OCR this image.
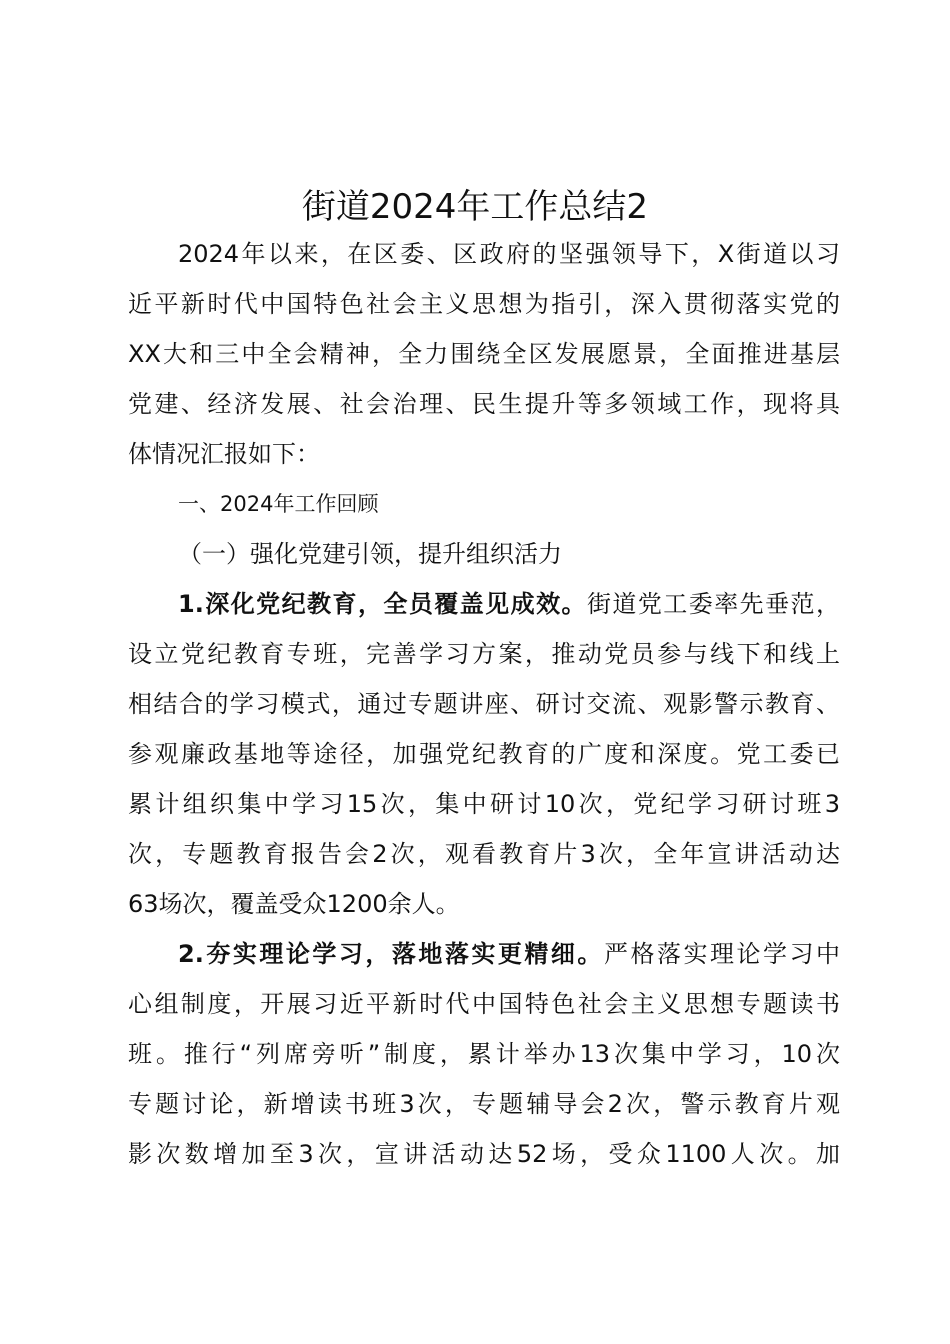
街道2024年工作总结2
2024年以来，在区委、区政府的坚强领导下，X街道以习
近平新时代中国特色社会主义思想为指引，深入贯彻落实党的
XX大和三中全会精神，全力围绕全区发展愿景，全面推进基层
党建、经济发展、社会治理、民生提升等多领域工作，现将具
体情况汇报如下：
一、2024年工作回顾
（一）强化党建引领，提升组织活力
1.深化党纪教育，全员覆盖见成效。街道党工委率先垂范，
设立党纪教育专班，完善学习方案，推动党员参与线下和线上
相结合的学习模式，通过专题讲座、研讨交流、观影警示教育、
参观廉政基地等途径，加强党纪教育的广度和深度。党工委已
累计组织集中学习15次，集中研讨10次，党纪学习研讨班3
次，专题教育报告会2次，观看教育片3次，全年宣讲活动达
63场次，覆盖受众1200余人。
2.夯实理论学习，落地落实更精细。严格落实理论学习中
心组制度，开展习近平新时代中国特色社会主义思想专题读书
班。推行“列席旁听”制度，累计举办13次集中学习，10次
专题讨论，新增读书班3次，专题辅导会2次，警示教育片观
影次数增加至3次，宣讲活动达52场，受众1100人次。加
